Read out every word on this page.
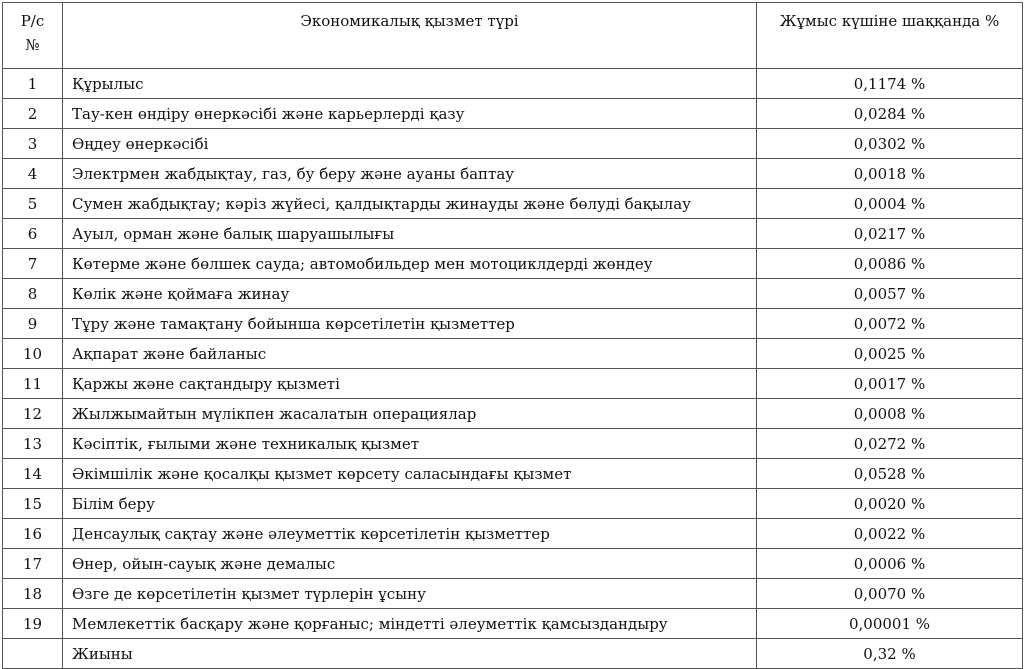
Р/с
№	Экономикалық қызмет түрі	Жұмыс күшіне шаққанда %
1	Құрылыс	0,1174 %
2	Тау-кен өндіру өнеркәсібі және карьерлерді қазу	0,0284 %
3	Өңдеу өнеркәсібі	0,0302 %
4	Электрмен жабдықтау, газ, бу беру және ауаны баптау	0,0018 %
5	Сумен жабдықтау; кәріз жүйесі, қалдықтарды жинауды және бөлуді бақылау	0,0004 %
6	Ауыл, орман және балық шаруашылығы	0,0217 %
7	Көтерме және бөлшек сауда; автомобильдер мен мотоциклдерді жөндеу	0,0086 %
8	Көлік және қоймаға жинау	0,0057 %
9	Тұру және тамақтану бойынша көрсетілетін қызметтер	0,0072 %
10	Ақпарат және байланыс	0,0025 %
11	Қаржы және сақтандыру қызметі	0,0017 %
12	Жылжымайтын мүлікпен жасалатын операциялар	0,0008 %
13	Кәсіптік, ғылыми және техникалық қызмет	0,0272 %
14	Әкімшілік және қосалқы қызмет көрсету саласындағы қызмет	0,0528 %
15	Білім беру	0,0020 %
16	Денсаулық сақтау және әлеуметтік көрсетілетін қызметтер	0,0022 %
17	Өнер, ойын-сауық және демалыс	0,0006 %
18	Өзге де көрсетілетін қызмет түрлерін ұсыну	0,0070 %
19	Мемлекеттік басқару және қорғаныс; міндетті әлеуметтік қамсыздандыру	0,00001 %
	Жиыны	0,32 %
